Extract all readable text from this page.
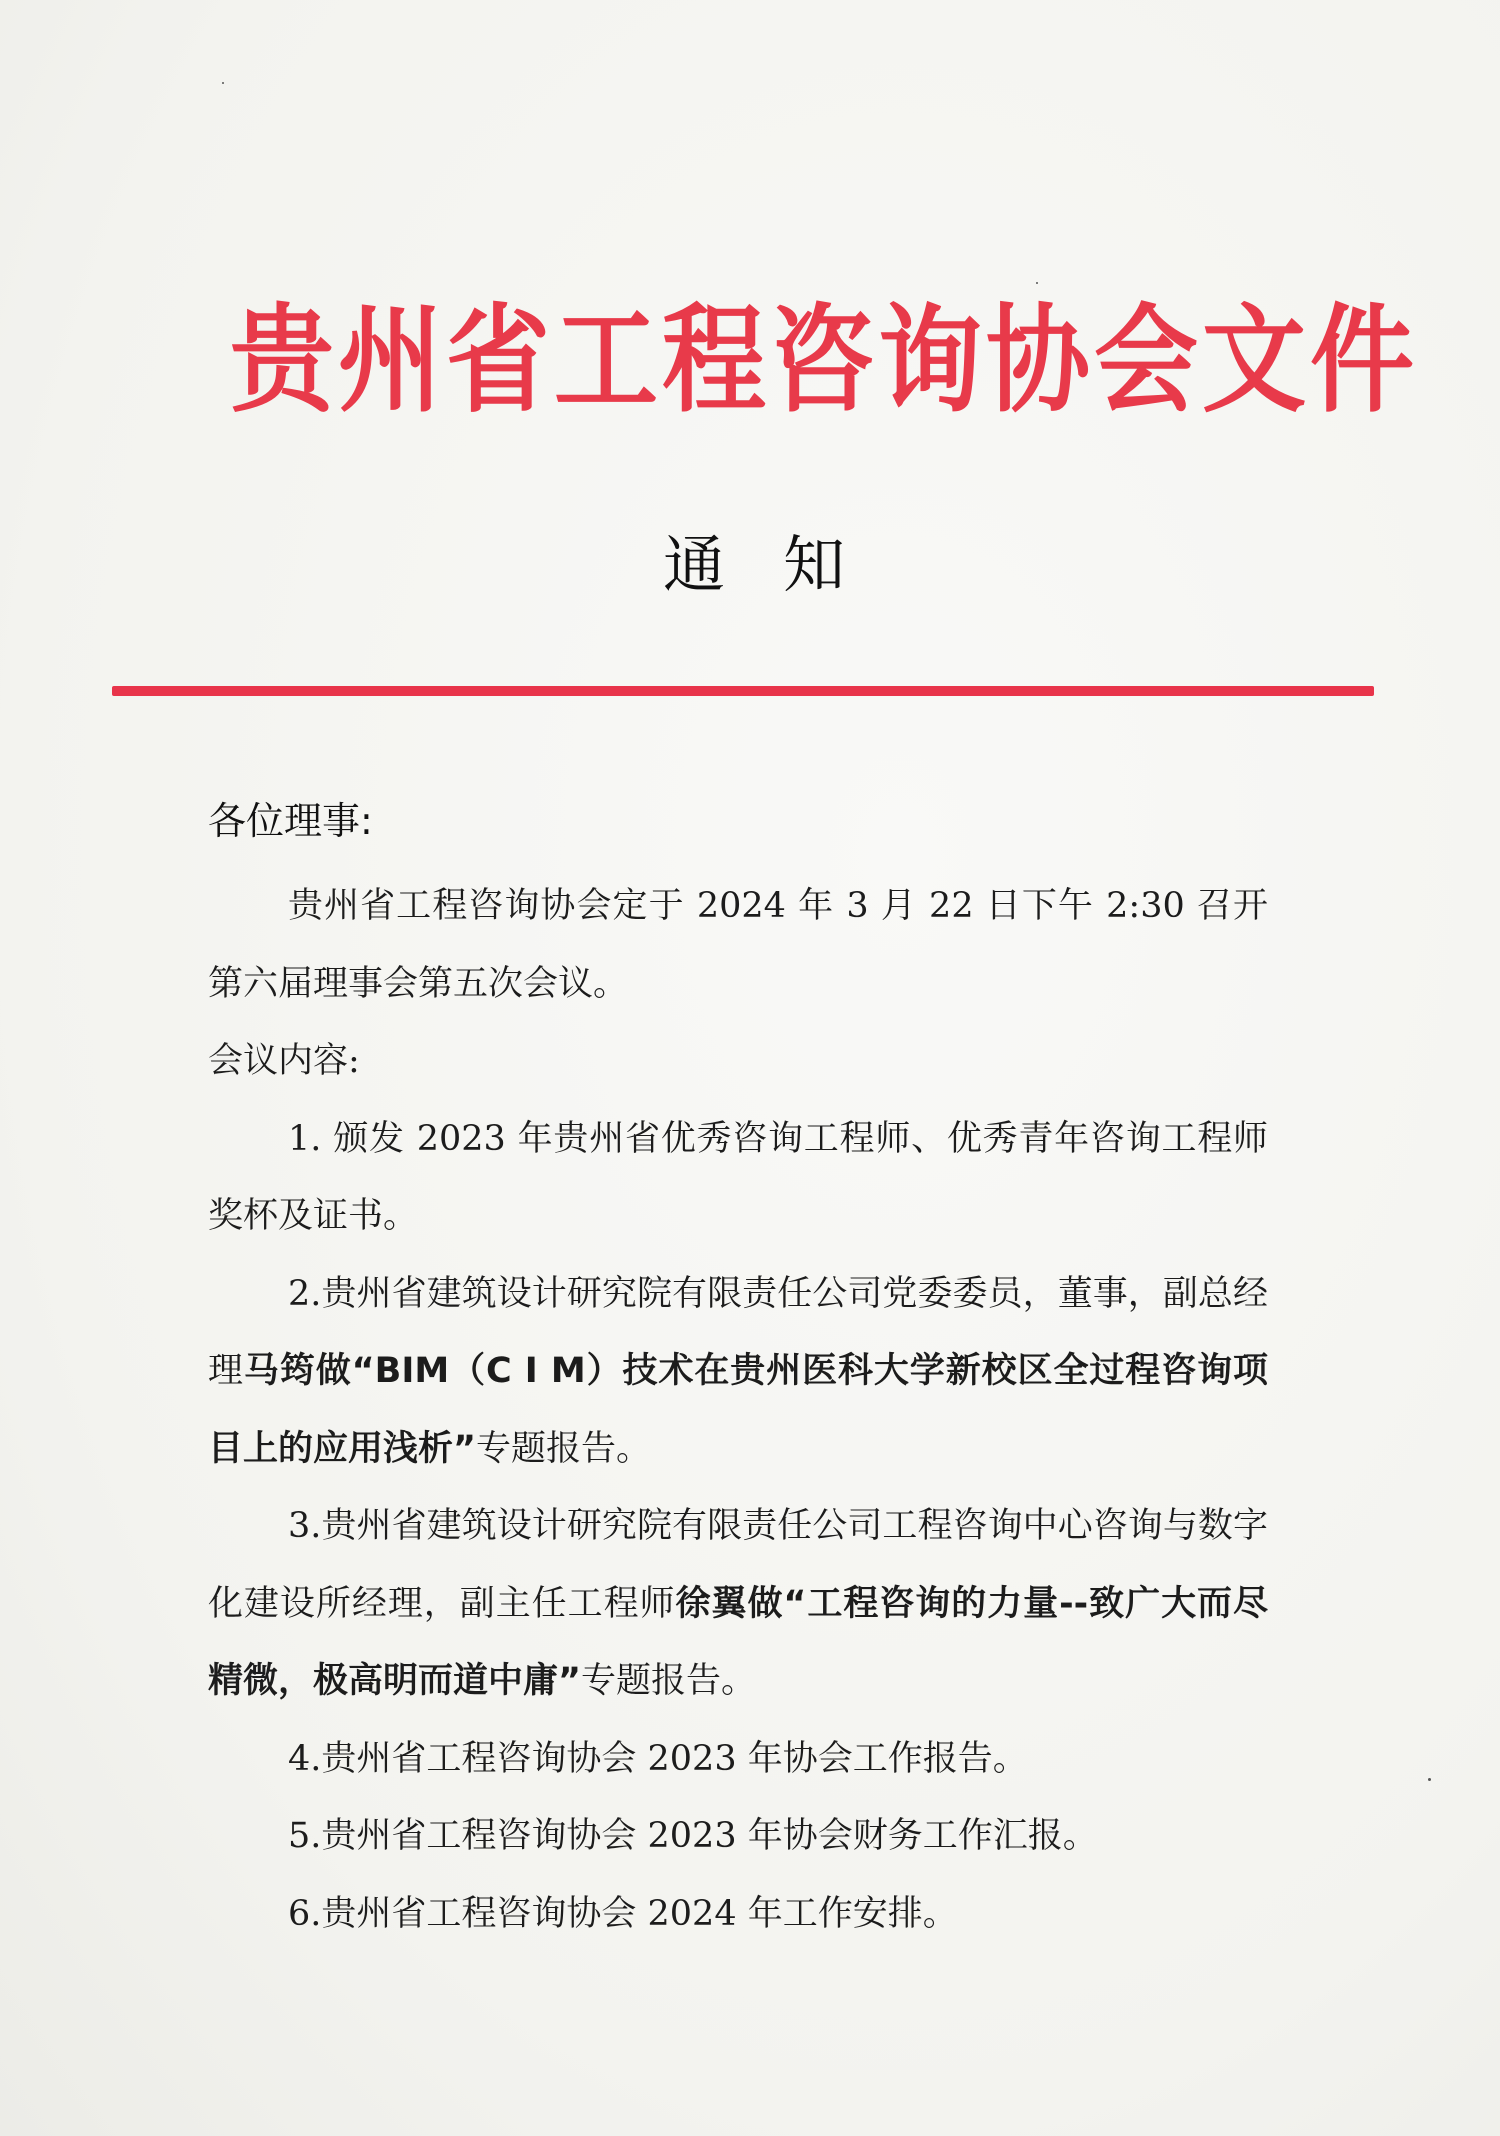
贵州省工程咨询协会文件
通知
各位理事:

贵州省工程咨询协会定于 2024 年 3 月 22 日下午 2:30 召开第六届理事会第五次会议。

会议内容:

1. 颁发 2023 年贵州省优秀咨询工程师、优秀青年咨询工程师奖杯及证书。

2.贵州省建筑设计研究院有限责任公司党委委员，董事，副总经理马筠做“BIM（C I M）技术在贵州医科大学新校区全过程咨询项目上的应用浅析”专题报告。

3.贵州省建筑设计研究院有限责任公司工程咨询中心咨询与数字化建设所经理，副主任工程师徐翼做“工程咨询的力量--致广大而尽精微，极高明而道中庸”专题报告。

4.贵州省工程咨询协会 2023 年协会工作报告。

5.贵州省工程咨询协会 2023 年协会财务工作汇报。

6.贵州省工程咨询协会 2024 年工作安排。
